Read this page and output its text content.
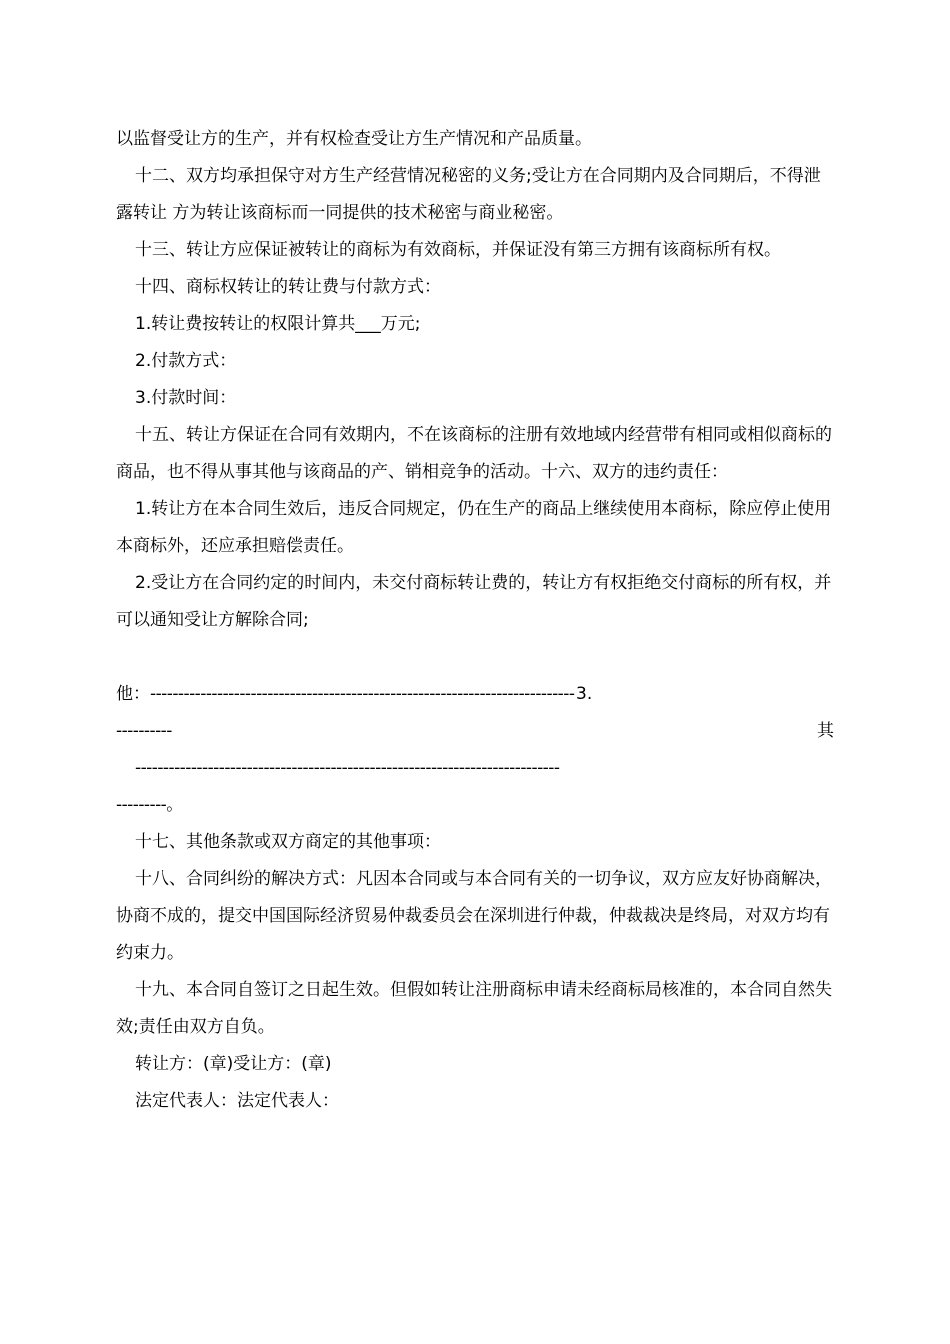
以监督受让方的生产，并有权检查受让方生产情况和产品质量。

十二、双方均承担保守对方生产经营情况秘密的义务;受让方在合同期内及合同期后，不得泄露转让 方为转让该商标而一同提供的技术秘密与商业秘密。

十三、转让方应保证被转让的商标为有效商标，并保证没有第三方拥有该商标所有权。

十四、商标权转让的转让费与付款方式：

1.转让费按转让的权限计算共___万元;

2.付款方式：

3.付款时间：

十五、转让方保证在合同有效期内，不在该商标的注册有效地域内经营带有相同或相似商标的商品，也不得从事其他与该商品的产、销相竞争的活动。十六、双方的违约责任：

1.转让方在本合同生效后，违反合同规定，仍在生产的商品上继续使用本商标，除应停止使用本商标外，还应承担赔偿责任。

2.受让方在合同约定的时间内，未交付商标转让费的，转让方有权拒绝交付商标的所有权，并可以通知受让方解除合同;

3.

其

他：----------------------------------------------------------------------------

----------

----------------------------------------------------------------------------

---------。

十七、其他条款或双方商定的其他事项：

十八、合同纠纷的解决方式：凡因本合同或与本合同有关的一切争议，双方应友好协商解决，协商不成的，提交中国国际经济贸易仲裁委员会在深圳进行仲裁，仲裁裁决是终局，对双方均有约束力。

十九、本合同自签订之日起生效。但假如转让注册商标申请未经商标局核准的，本合同自然失效;责任由双方自负。

转让方：(章)受让方：(章)

法定代表人：法定代表人：
